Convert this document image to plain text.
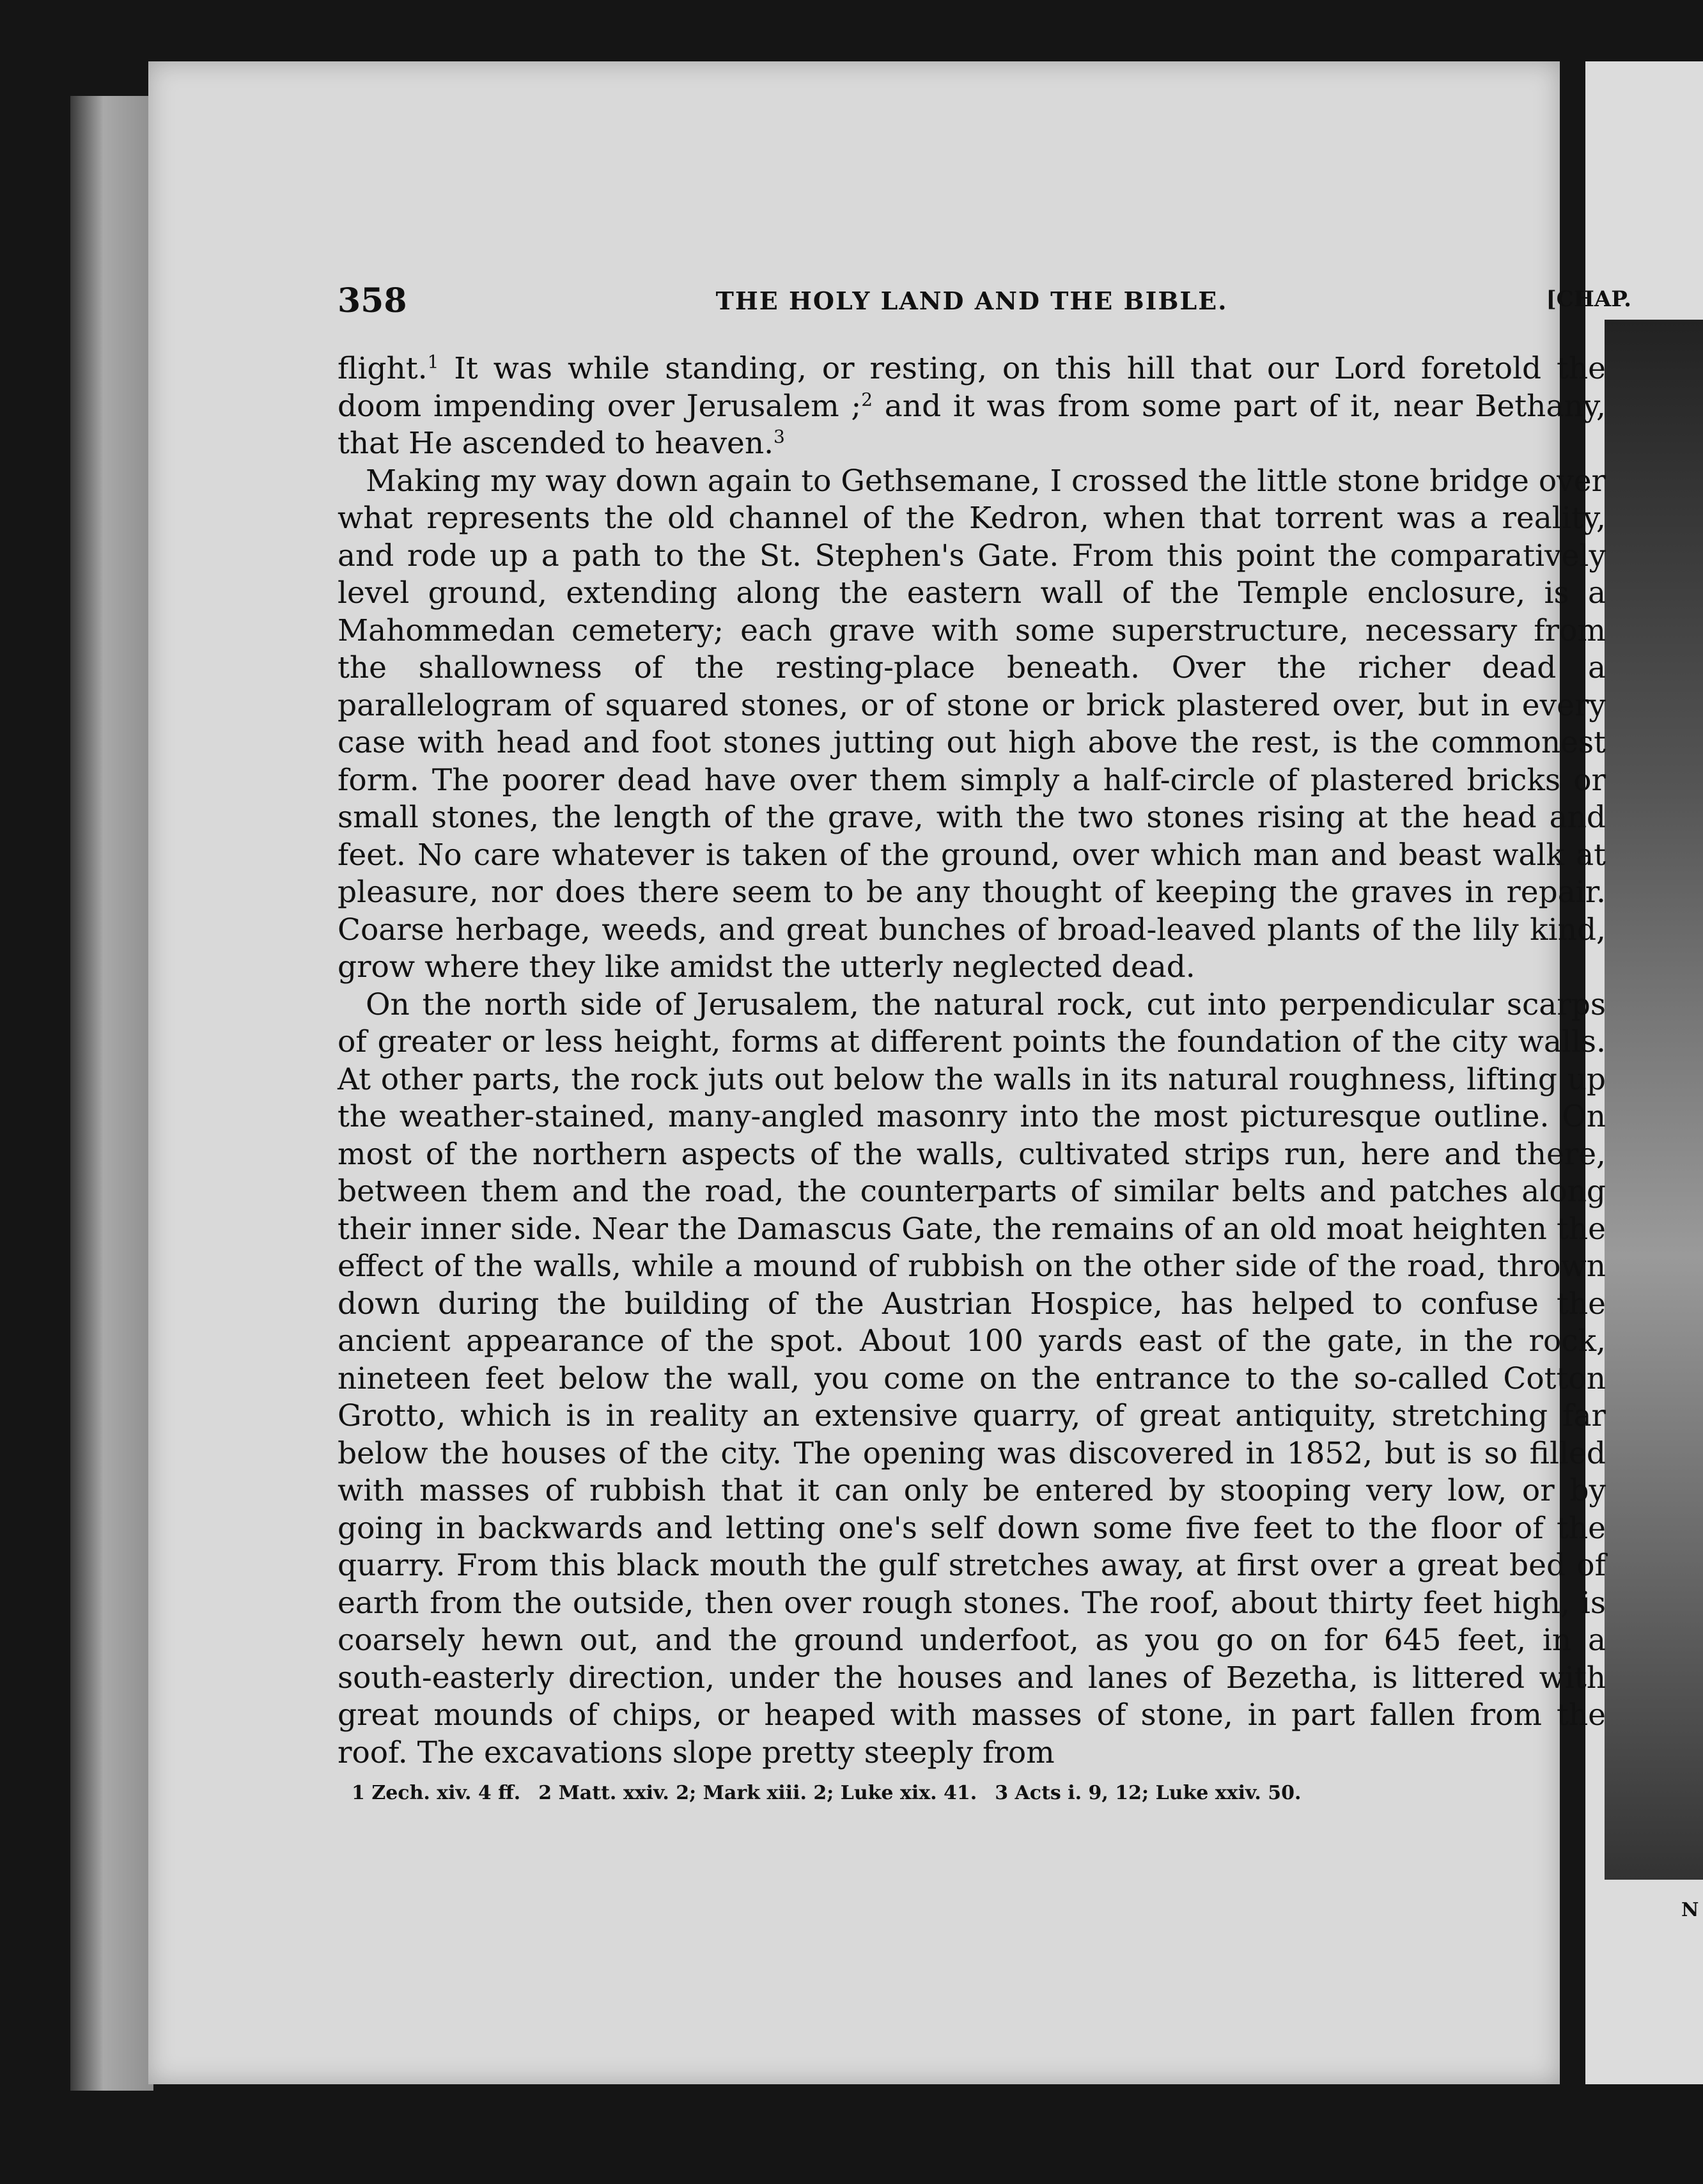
N
358	THE HOLY LAND AND THE BIBLE.	[CHAP.

flight.$^1$ It was while standing, or resting, on this hill that our Lord foretold the doom impending over Jerusalem ;$^2$ and it was from some part of it, near Bethany, that He ascended to heaven.$^3$

Making my way down again to Gethsemane, I crossed the little stone bridge over what represents the old channel of the Kedron, when that torrent was a reality, and rode up a path to the St. Stephen's Gate. From this point the comparatively level ground, extending along the eastern wall of the Temple enclosure, is a Mahommedan cemetery; each grave with some superstructure, necessary from the shallowness of the resting-place beneath. Over the richer dead a parallelogram of squared stones, or of stone or brick plastered over, but in every case with head and foot stones jutting out high above the rest, is the commonest form. The poorer dead have over them simply a half-circle of plastered bricks or small stones, the length of the grave, with the two stones rising at the head and feet. No care whatever is taken of the ground, over which man and beast walk at pleasure, nor does there seem to be any thought of keeping the graves in repair. Coarse herbage, weeds, and great bunches of broad-leaved plants of the lily kind, grow where they like amidst the utterly neglected dead.

On the north side of Jerusalem, the natural rock, cut into perpendicular scarps of greater or less height, forms at different points the foundation of the city walls. At other parts, the rock juts out below the walls in its natural roughness, lifting up the weather-stained, many-angled masonry into the most picturesque outline. On most of the northern aspects of the walls, cultivated strips run, here and there, between them and the road, the counterparts of similar belts and patches along their inner side. Near the Damascus Gate, the remains of an old moat heighten the effect of the walls, while a mound of rubbish on the other side of the road, thrown down during the building of the Austrian Hospice, has helped to confuse the ancient appearance of the spot. About 100 yards east of the gate, in the rock, nineteen feet below the wall, you come on the entrance to the so-called Cotton Grotto, which is in reality an extensive quarry, of great antiquity, stretching far below the houses of the city. The opening was discovered in 1852, but is so filled with masses of rubbish that it can only be entered by stooping very low, or by going in backwards and letting one's self down some five feet to the floor of the quarry. From this black mouth the gulf stretches away, at first over a great bed of earth from the outside, then over rough stones. The roof, about thirty feet high, is coarsely hewn out, and the ground underfoot, as you go on for 645 feet, in a south-easterly direction, under the houses and lanes of Bezetha, is littered with great mounds of chips, or heaped with masses of stone, in part fallen from the roof. The excavations slope pretty steeply from

1 Zech. xiv. 4 ff. 2 Matt. xxiv. 2; Mark xiii. 2; Luke xix. 41. 3 Acts i. 9, 12; Luke xxiv. 50.
